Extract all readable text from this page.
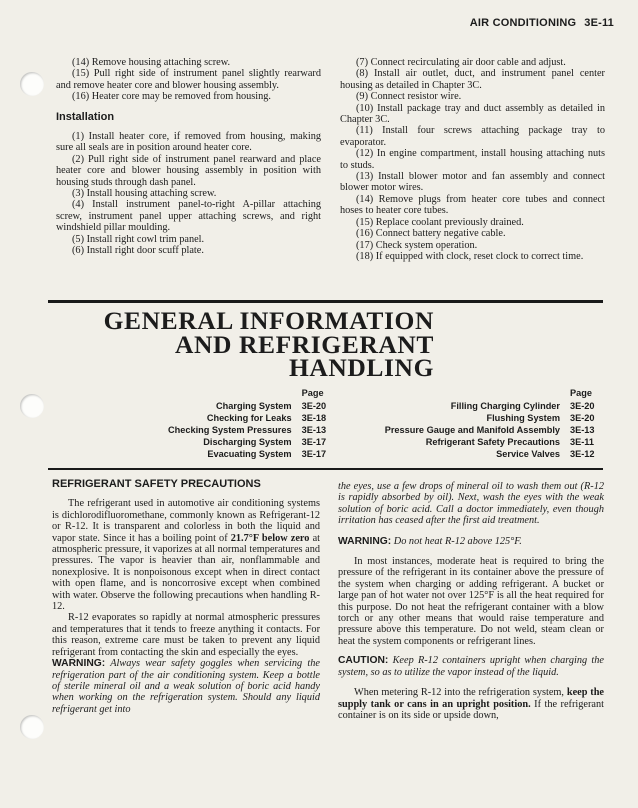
AIR CONDITIONING 3E-11

(14) Remove housing attaching screw.

(15) Pull right side of instrument panel slightly rearward and remove heater core and blower housing assembly.

(16) Heater core may be removed from housing.

Installation

(1) Install heater core, if removed from housing, making sure all seals are in position around heater core.

(2) Pull right side of instrument panel rearward and place heater core and blower housing assembly in position with housing studs through dash panel.

(3) Install housing attaching screw.

(4) Install instrument panel-to-right A-pillar attaching screw, instrument panel upper attaching screws, and right windshield pillar moulding.

(5) Install right cowl trim panel.

(6) Install right door scuff plate.

(7) Connect recirculating air door cable and adjust.

(8) Install air outlet, duct, and instrument panel center housing as detailed in Chapter 3C.

(9) Connect resistor wire.

(10) Install package tray and duct assembly as detailed in Chapter 3C.

(11) Install four screws attaching package tray to evaporator.

(12) In engine compartment, install housing attaching nuts to studs.

(13) Install blower motor and fan assembly and connect blower motor wires.

(14) Remove plugs from heater core tubes and connect hoses to heater core tubes.

(15) Replace coolant previously drained.

(16) Connect battery negative cable.

(17) Check system operation.

(18) If equipped with clock, reset clock to correct time.

GENERAL INFORMATION
AND REFRIGERANT
HANDLING
	Page
Charging System	3E-20
Checking for Leaks	3E-18
Checking System Pressures	3E-13
Discharging System	3E-17
Evacuating System	3E-17
	Page
Filling Charging Cylinder	3E-20
Flushing System	3E-20
Pressure Gauge and Manifold Assembly	3E-13
Refrigerant Safety Precautions	3E-11
Service Valves	3E-12
REFRIGERANT SAFETY PRECAUTIONS

The refrigerant used in automotive air conditioning systems is dichlorodifluoromethane, commonly known as Refrigerant-12 or R-12. It is transparent and colorless in both the liquid and vapor state. Since it has a boiling point of 21.7°F below zero at atmospheric pressure, it vaporizes at all normal temperatures and pressures. The vapor is heavier than air, nonflammable and nonexplosive. It is nonpoisonous except when in direct contact with open flame, and is noncorrosive except when combined with water. Observe the following precautions when handling R-12.

R-12 evaporates so rapidly at normal atmospheric pressures and temperatures that it tends to freeze anything it contacts. For this reason, extreme care must be taken to prevent any liquid refrigerant from contacting the skin and especially the eyes.

WARNING: Always wear safety goggles when servicing the refrigeration part of the air conditioning system. Keep a bottle of sterile mineral oil and a weak solution of boric acid handy when working on the refrigeration system. Should any liquid refrigerant get into

the eyes, use a few drops of mineral oil to wash them out (R-12 is rapidly absorbed by oil). Next, wash the eyes with the weak solution of boric acid. Call a doctor immediately, even though irritation has ceased after the first aid treatment.

WARNING: Do not heat R-12 above 125°F.

In most instances, moderate heat is required to bring the pressure of the refrigerant in its container above the pressure of the system when charging or adding refrigerant. A bucket or large pan of hot water not over 125°F is all the heat required for this purpose. Do not heat the refrigerant container with a blow torch or any other means that would raise temperature and pressure above this temperature. Do not weld, steam clean or heat the system components or refrigerant lines.

CAUTION: Keep R-12 containers upright when charging the system, so as to utilize the vapor instead of the liquid.

When metering R-12 into the refrigeration system, keep the supply tank or cans in an upright position. If the refrigerant container is on its side or upside down,
